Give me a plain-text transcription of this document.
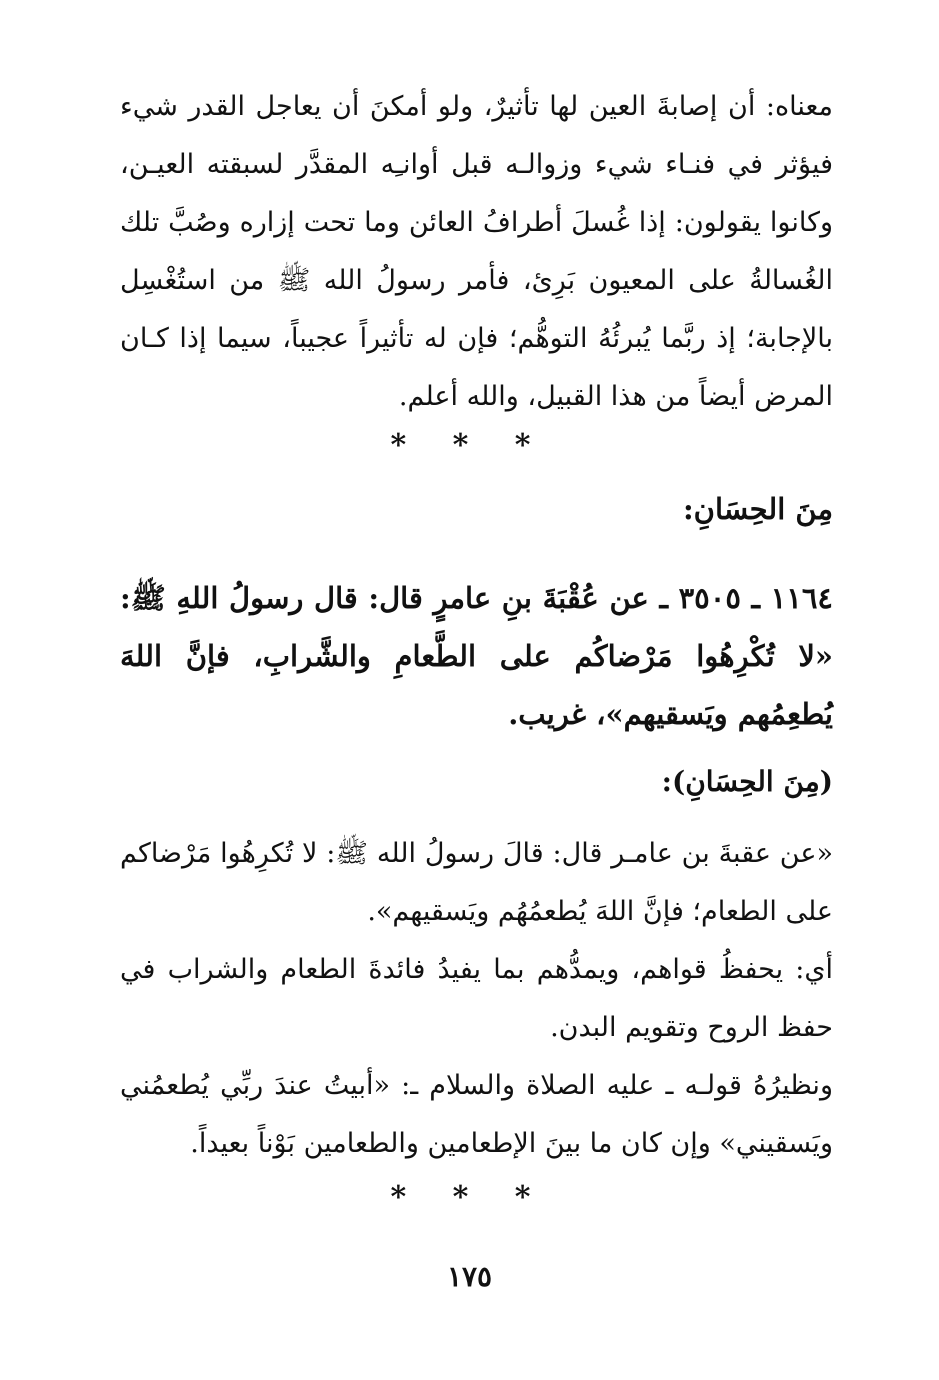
معناه: أن إصابةَ العين لها تأثيرٌ، ولو أمكنَ أن يعاجل القدر شيء فيؤثر في فنـاء شيء وزوالـه قبل أوانـِه المقدَّر لسبقته العيـن، وكانوا يقولون: إذا غُسلَ أطرافُ العائن وما تحت إزاره وصُبَّ تلك الغُسالةُ على المعيون بَرِئ، فأمر رسولُ الله ﷺ من استُغْسِل بالإجابة؛ إذ ربَّما يُبرئُهُ التوهُّم؛ فإن له تأثيراً عجيباً، سيما إذا كـان المرض أيضاً من هذا القبيل، والله أعلم.

* * *
مِنَ الحِسَانِ:

١١٦٤ ـ ٣٥٠٥ ـ عن عُقْبَةَ بنِ عامرٍ قال: قال رسولُ اللهِ ﷺ: «لا تُكْرِهُوا مَرْضاكُم على الطَّعامِ والشَّرابِ، فإنَّ اللهَ يُطعِمُهم ويَسقيهم»، غريب.

(مِنَ الحِسَانِ):

«عن عقبةَ بن عامـر قال: قالَ رسولُ الله ﷺ: لا تُكرِهُوا مَرْضاكم على الطعام؛ فإنَّ اللهَ يُطعمُهُم ويَسقيهم».

أي: يحفظُ قواهم، ويمدُّهم بما يفيدُ فائدةَ الطعام والشراب في حفظ الروح وتقويم البدن.

ونظيرُهُ قولـه ـ عليه الصلاة والسلام ـ: «أبيتُ عندَ ربِّي يُطعمُني ويَسقيني» وإن كان ما بينَ الإطعامين والطعامين بَوْناً بعيداً.

* * *
١٧٥
